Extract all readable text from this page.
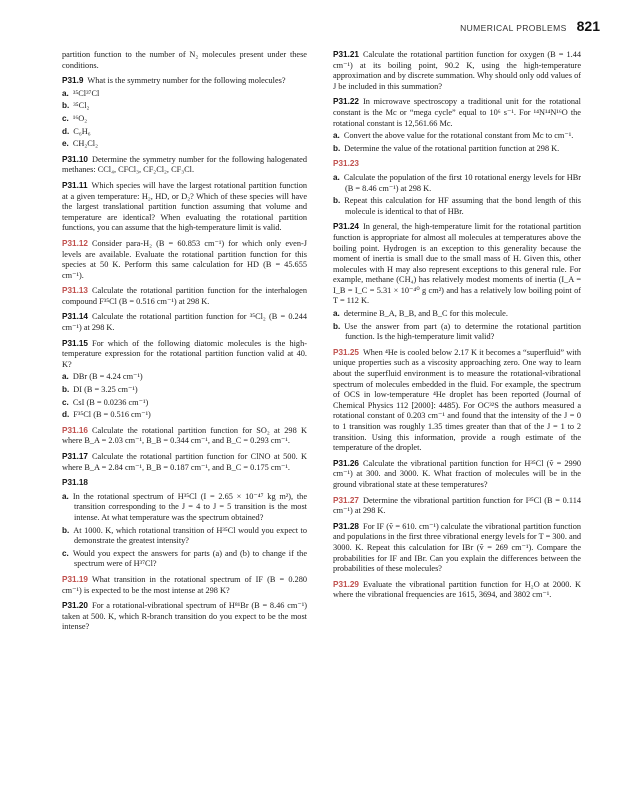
NUMERICAL PROBLEMS 821

partition function to the number of N₂ molecules present under these conditions.

P31.9 What is the symmetry number for the following molecules?

a. ³⁵Cl³⁷Cl
b. ³⁵Cl₂
c. ¹⁶O₂
d. C₆H₆
e. CH₂Cl₂

P31.10 Determine the symmetry number for the following halogenated methanes: CCl₄, CFCl₃, CF₂Cl₂, CF₃Cl.

P31.11 Which species will have the largest rotational partition function at a given temperature: H₂, HD, or D₂? Which of these species will have the largest translational partition function assuming that volume and temperature are identical? When evaluating the rotational partition functions, you can assume that the high-temperature limit is valid.

P31.12 Consider para-H₂ (B = 60.853 cm⁻¹) for which only even-J levels are available. Evaluate the rotational partition function for this species at 50 K. Perform this same calculation for HD (B = 45.655 cm⁻¹).

P31.13 Calculate the rotational partition function for the interhalogen compound F³⁵Cl (B = 0.516 cm⁻¹) at 298 K.

P31.14 Calculate the rotational partition function for ³⁵Cl₂ (B = 0.244 cm⁻¹) at 298 K.

P31.15 For which of the following diatomic molecules is the high-temperature expression for the rotational partition function valid at 40. K?

a. DBr (B = 4.24 cm⁻¹)
b. DI (B = 3.25 cm⁻¹)
c. CsI (B = 0.0236 cm⁻¹)
d. F³⁵Cl (B = 0.516 cm⁻¹)

P31.16 Calculate the rotational partition function for SO₂ at 298 K where B_A = 2.03 cm⁻¹, B_B = 0.344 cm⁻¹, and B_C = 0.293 cm⁻¹.

P31.17 Calculate the rotational partition function for ClNO at 500. K where B_A = 2.84 cm⁻¹, B_B = 0.187 cm⁻¹, and B_C = 0.175 cm⁻¹.

P31.18
a. In the rotational spectrum of H³⁵Cl (I = 2.65 × 10⁻⁴⁷ kg m²), the transition corresponding to the J = 4 to J = 5 transition is the most intense. At what temperature was the spectrum obtained?
b. At 1000. K, which rotational transition of H³⁵Cl would you expect to demonstrate the greatest intensity?
c. Would you expect the answers for parts (a) and (b) to change if the spectrum were of H³⁷Cl?

P31.19 What transition in the rotational spectrum of IF (B = 0.280 cm⁻¹) is expected to be the most intense at 298 K?

P31.20 For a rotational-vibrational spectrum of H⁸¹Br (B = 8.46 cm⁻¹) taken at 500. K, which R-branch transition do you expect to be the most intense?

P31.21 Calculate the rotational partition function for oxygen (B = 1.44 cm⁻¹) at its boiling point, 90.2 K, using the high-temperature approximation and by discrete summation. Why should only odd values of J be included in this summation?

P31.22 In microwave spectroscopy a traditional unit for the rotational constant is the Mc or “mega cycle” equal to 10⁶ s⁻¹. For ¹⁴N¹⁴N¹⁶O the rotational constant is 12,561.66 Mc.

a. Convert the above value for the rotational constant from Mc to cm⁻¹.
b. Determine the value of the rotational partition function at 298 K.
P31.23
a. Calculate the population of the first 10 rotational energy levels for HBr (B = 8.46 cm⁻¹) at 298 K.
b. Repeat this calculation for HF assuming that the bond length of this molecule is identical to that of HBr.

P31.24 In general, the high-temperature limit for the rotational partition function is appropriate for almost all molecules at temperatures above the boiling point. Hydrogen is an exception to this generality because the moment of inertia is small due to the small mass of H. Given this, other molecules with H may also represent exceptions to this general rule. For example, methane (CH₄) has relatively modest moments of inertia (I_A = I_B = I_C = 5.31 × 10⁻⁴⁰ g cm²) and has a relatively low boiling point of T = 112 K.

a. determine B_A, B_B, and B_C for this molecule.
b. Use the answer from part (a) to determine the rotational partition function. Is the high-temperature limit valid?

P31.25 When ⁴He is cooled below 2.17 K it becomes a “superfluid” with unique properties such as a viscosity approaching zero. One way to learn about the superfluid environment is to measure the rotational-vibrational spectrum of molecules embedded in the fluid. For example, the spectrum of OCS in low-temperature ⁴He droplet has been reported (Journal of Chemical Physics 112 [2000]: 4485). For OC³²S the authors measured a rotational constant of 0.203 cm⁻¹ and found that the intensity of the J = 0 to 1 transition was roughly 1.35 times greater than that of the J = 1 to 2 transition. Using this information, provide a rough estimate of the temperature of the droplet.

P31.26 Calculate the vibrational partition function for H³⁵Cl (ṽ = 2990 cm⁻¹) at 300. and 3000. K. What fraction of molecules will be in the ground vibrational state at these temperatures?

P31.27 Determine the vibrational partition function for I³⁵Cl (B = 0.114 cm⁻¹) at 298 K.

P31.28 For IF (ṽ = 610. cm⁻¹) calculate the vibrational partition function and populations in the first three vibrational energy levels for T = 300. and 3000. K. Repeat this calculation for IBr (ṽ = 269 cm⁻¹). Compare the probabilities for IF and IBr. Can you explain the differences between the probabilities of these molecules?

P31.29 Evaluate the vibrational partition function for H₂O at 2000. K where the vibrational frequencies are 1615, 3694, and 3802 cm⁻¹.
